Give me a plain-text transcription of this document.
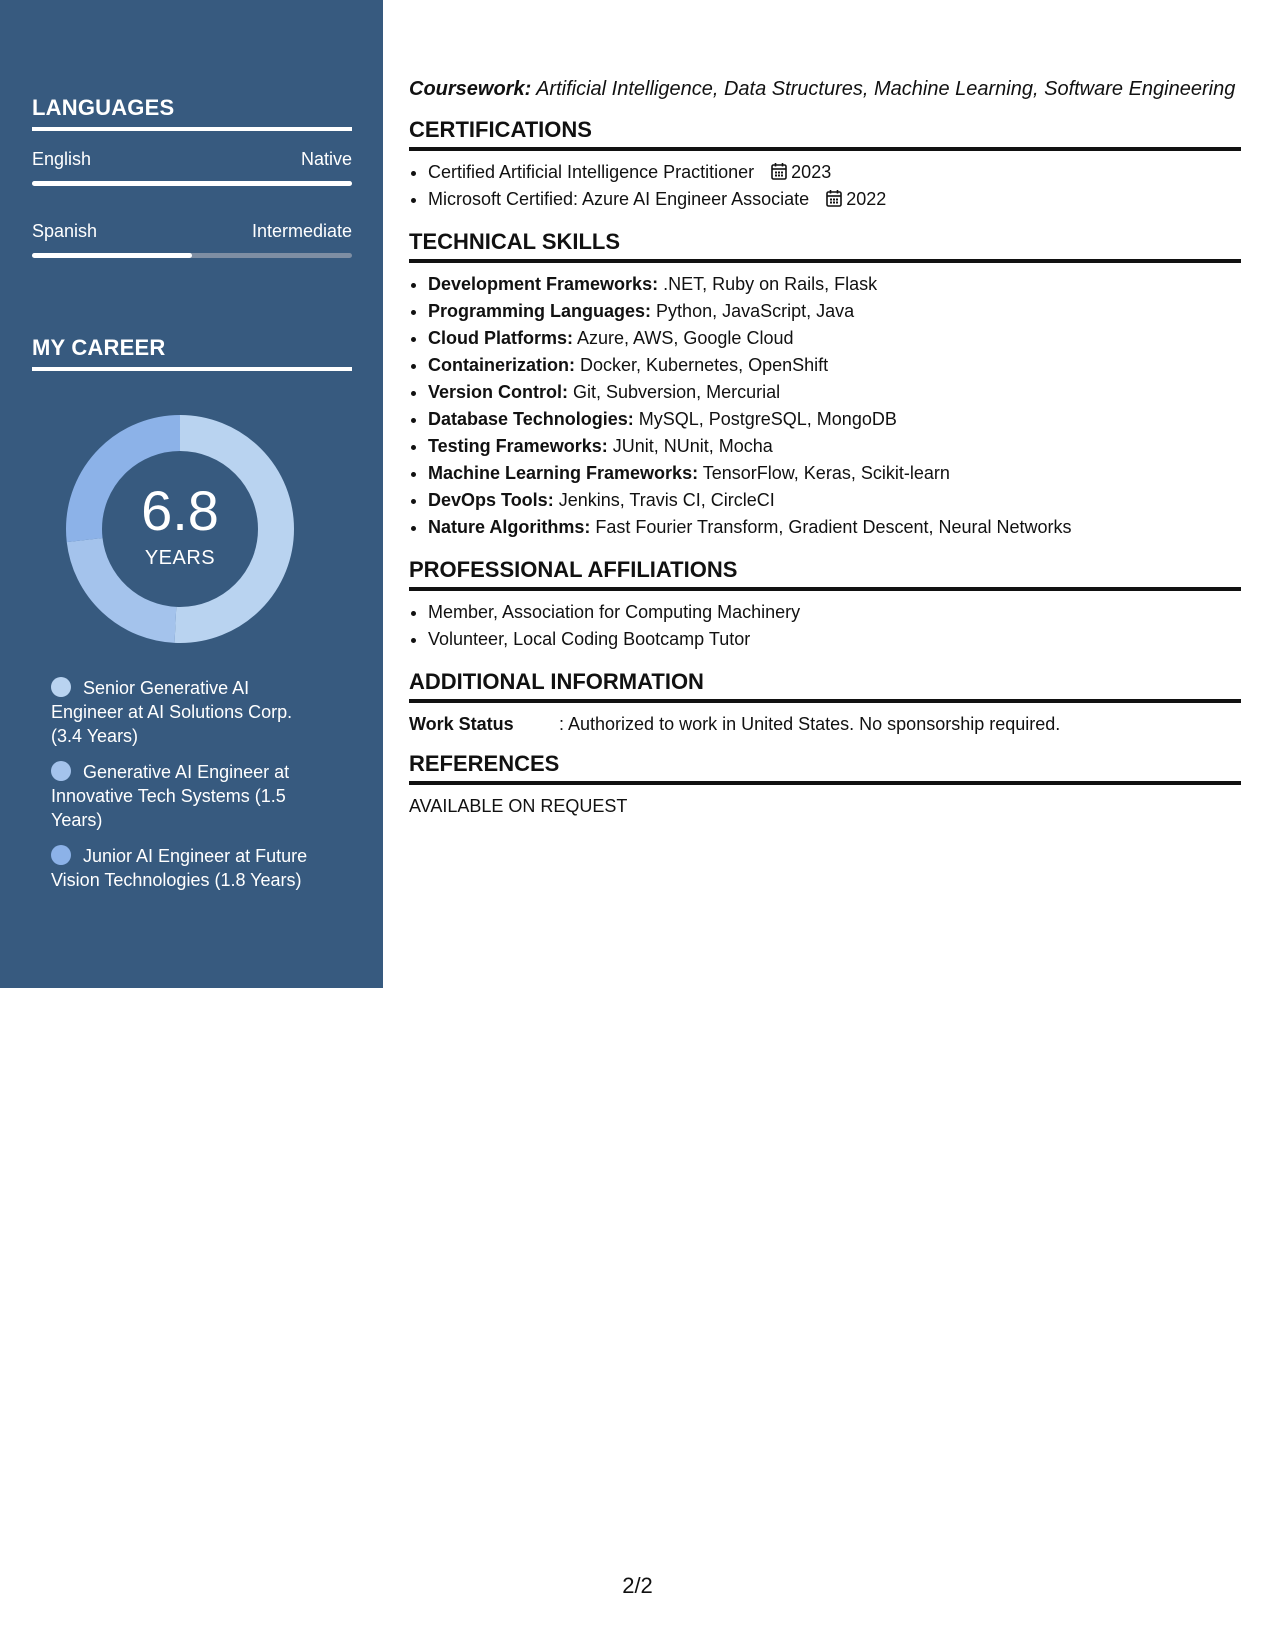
LANGUAGES
English	Native
Spanish	Intermediate
MY CAREER
6.8
YEARS
Senior Generative AI Engineer at AI Solutions Corp. (3.4 Years)
Generative AI Engineer at Innovative Tech Systems (1.5 Years)
Junior AI Engineer at Future Vision Technologies (1.8 Years)
Coursework: Artificial Intelligence, Data Structures, Machine Learning, Software Engineering
CERTIFICATIONS
• Certified Artificial Intelligence Practitioner 2023
• Microsoft Certified: Azure AI Engineer Associate 2022
TECHNICAL SKILLS
• Development Frameworks: .NET, Ruby on Rails, Flask
• Programming Languages: Python, JavaScript, Java
• Cloud Platforms: Azure, AWS, Google Cloud
• Containerization: Docker, Kubernetes, OpenShift
• Version Control: Git, Subversion, Mercurial
• Database Technologies: MySQL, PostgreSQL, MongoDB
• Testing Frameworks: JUnit, NUnit, Mocha
• Machine Learning Frameworks: TensorFlow, Keras, Scikit-learn
• DevOps Tools: Jenkins, Travis CI, CircleCI
• Nature Algorithms: Fast Fourier Transform, Gradient Descent, Neural Networks
PROFESSIONAL AFFILIATIONS
• Member, Association for Computing Machinery
• Volunteer, Local Coding Bootcamp Tutor
ADDITIONAL INFORMATION
Work Status	: Authorized to work in United States. No sponsorship required.
REFERENCES
AVAILABLE ON REQUEST
2/2
